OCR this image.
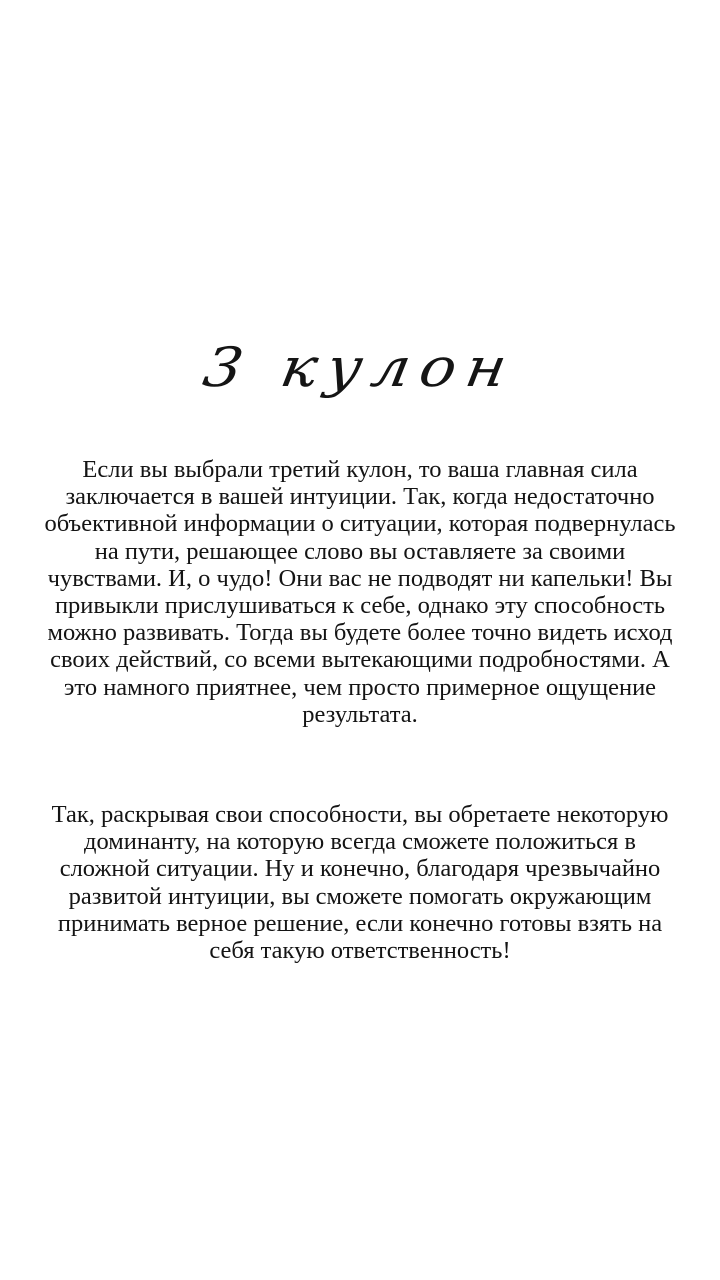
3 кулон

Если вы выбрали третий кулон, то ваша главная сила заключается в вашей интуиции. Так, когда недостаточно объективной информации о ситуации, которая подвернулась на пути, решающее слово вы оставляете за своими чувствами. И, о чудо! Они вас не подводят ни капельки! Вы привыкли прислушиваться к себе, однако эту способность можно развивать. Тогда вы будете более точно видеть исход своих действий, со всеми вытекающими подробностями. А это намного приятнее, чем просто примерное ощущение результата.

Так, раскрывая свои способности, вы обретаете некоторую доминанту, на которую всегда сможете положиться в сложной ситуации. Ну и конечно, благодаря чрезвычайно развитой интуиции, вы сможете помогать окружающим принимать верное решение, если конечно готовы взять на себя такую ответственность!
